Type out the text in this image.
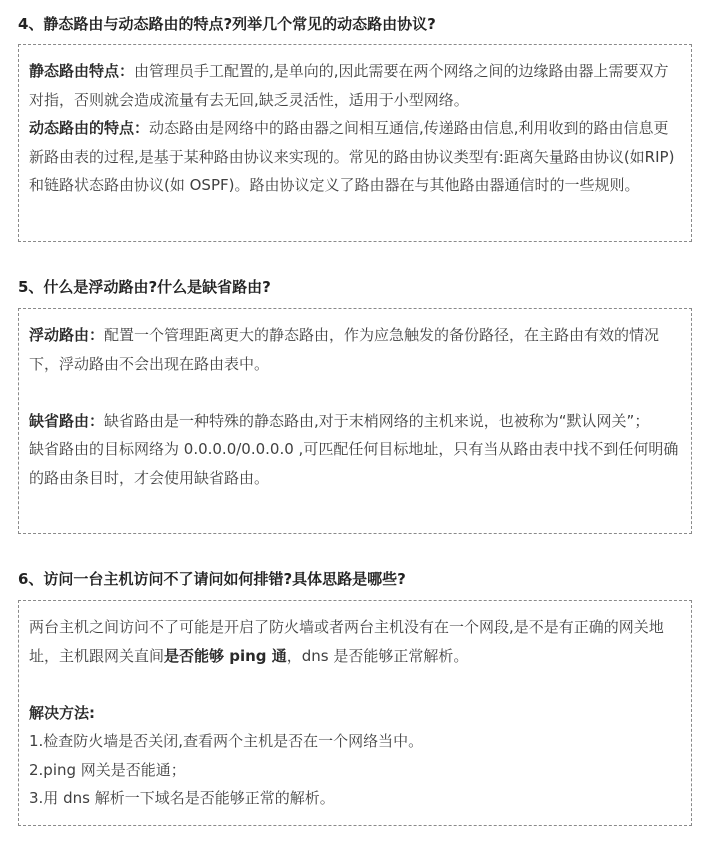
4、静态路由与动态路由的特点?列举几个常见的动态路由协议?

静态路由特点：由管理员手工配置的,是单向的,因此需要在两个网络之间的边缘路由器上需要双方对指，否则就会造成流量有去无回,缺乏灵活性，适用于小型网络。

动态路由的特点：动态路由是网络中的路由器之间相互通信,传递路由信息,利用收到的路由信息更新路由表的过程,是基于某种路由协议来实现的。常见的路由协议类型有:距离矢量路由协议(如RIP)和链路状态路由协议(如 OSPF)。路由协议定义了路由器在与其他路由器通信时的一些规则。

5、什么是浮动路由?什么是缺省路由?

浮动路由：配置一个管理距离更大的静态路由，作为应急触发的备份路径，在主路由有效的情况下，浮动路由不会出现在路由表中。

缺省路由：缺省路由是一种特殊的静态路由,对于末梢网络的主机来说，也被称为“默认网关”；

缺省路由的目标网络为 0.0.0.0/0.0.0.0 ,可匹配任何目标地址，只有当从路由表中找不到任何明确的路由条目时，才会使用缺省路由。

6、访问一台主机访问不了请问如何排错?具体思路是哪些?

两台主机之间访问不了可能是开启了防火墙或者两台主机没有在一个网段,是不是有正确的网关地址，主机跟网关直间是否能够 ping 通，dns 是否能够正常解析。

解决方法:

1.检查防火墙是否关闭,查看两个主机是否在一个网络当中。

2.ping 网关是否能通；

3.用 dns 解析一下域名是否能够正常的解析。
